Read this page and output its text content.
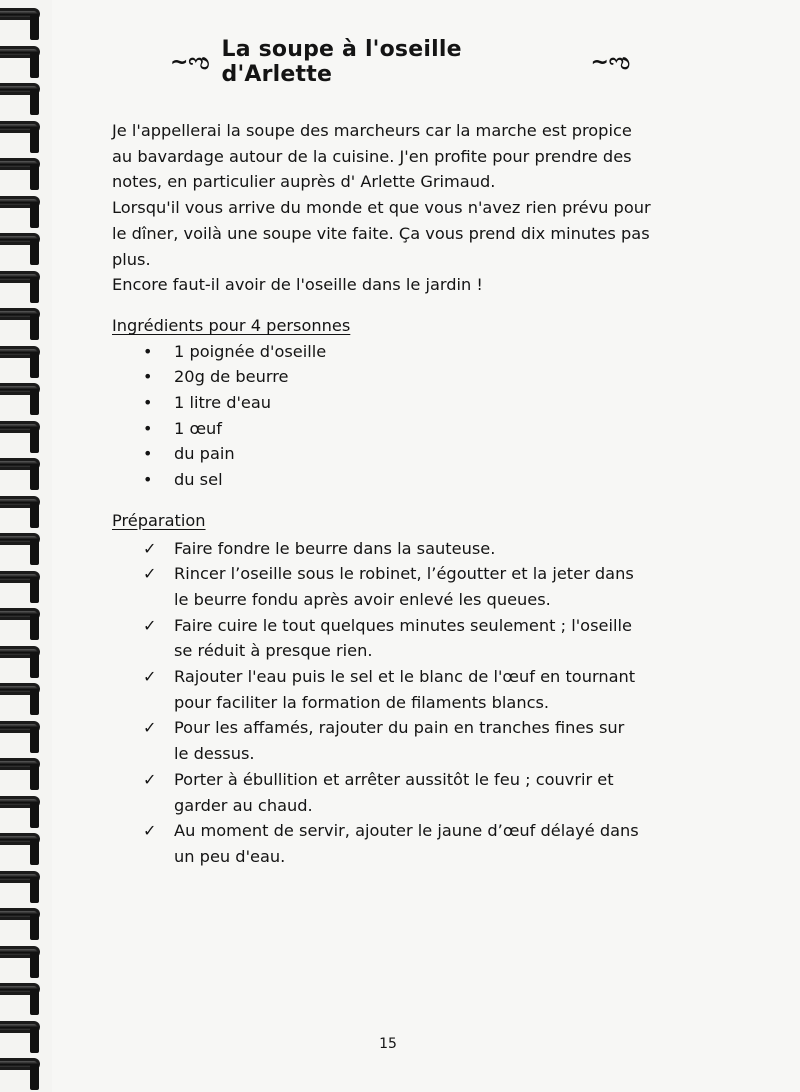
~ಌ La soupe à l'oseille d'Arlette	~ಌ

Je l'appellerai la soupe des marcheurs car la marche est propice

au bavardage autour de la cuisine. J'en profite pour prendre des

notes, en particulier auprès d' Arlette Grimaud.

Lorsqu'il vous arrive du monde et que vous n'avez rien prévu pour

le dîner, voilà une soupe vite faite. Ça vous prend dix minutes pas

plus.

Encore faut-il avoir de l'oseille dans le jardin !

Ingrédients pour 4 personnes

• 1 poignée d'oseille
• 20g de beurre
• 1 litre d'eau
• 1 œuf
• du pain
• du sel

Préparation

✓ Faire fondre le beurre dans la sauteuse.
✓ Rincer l’oseille sous le robinet, l’égoutter et la jeter dans
le beurre fondu après avoir enlevé les queues.
✓ Faire cuire le tout quelques minutes seulement ; l'oseille
se réduit à presque rien.
✓ Rajouter l'eau puis le sel et le blanc de l'œuf en tournant
pour faciliter la formation de filaments blancs.
✓ Pour les affamés, rajouter du pain en tranches fines sur
le dessus.
✓ Porter à ébullition et arrêter aussitôt le feu ; couvrir et
garder au chaud.
✓ Au moment de servir, ajouter le jaune d’œuf délayé dans
un peu d'eau.
15
